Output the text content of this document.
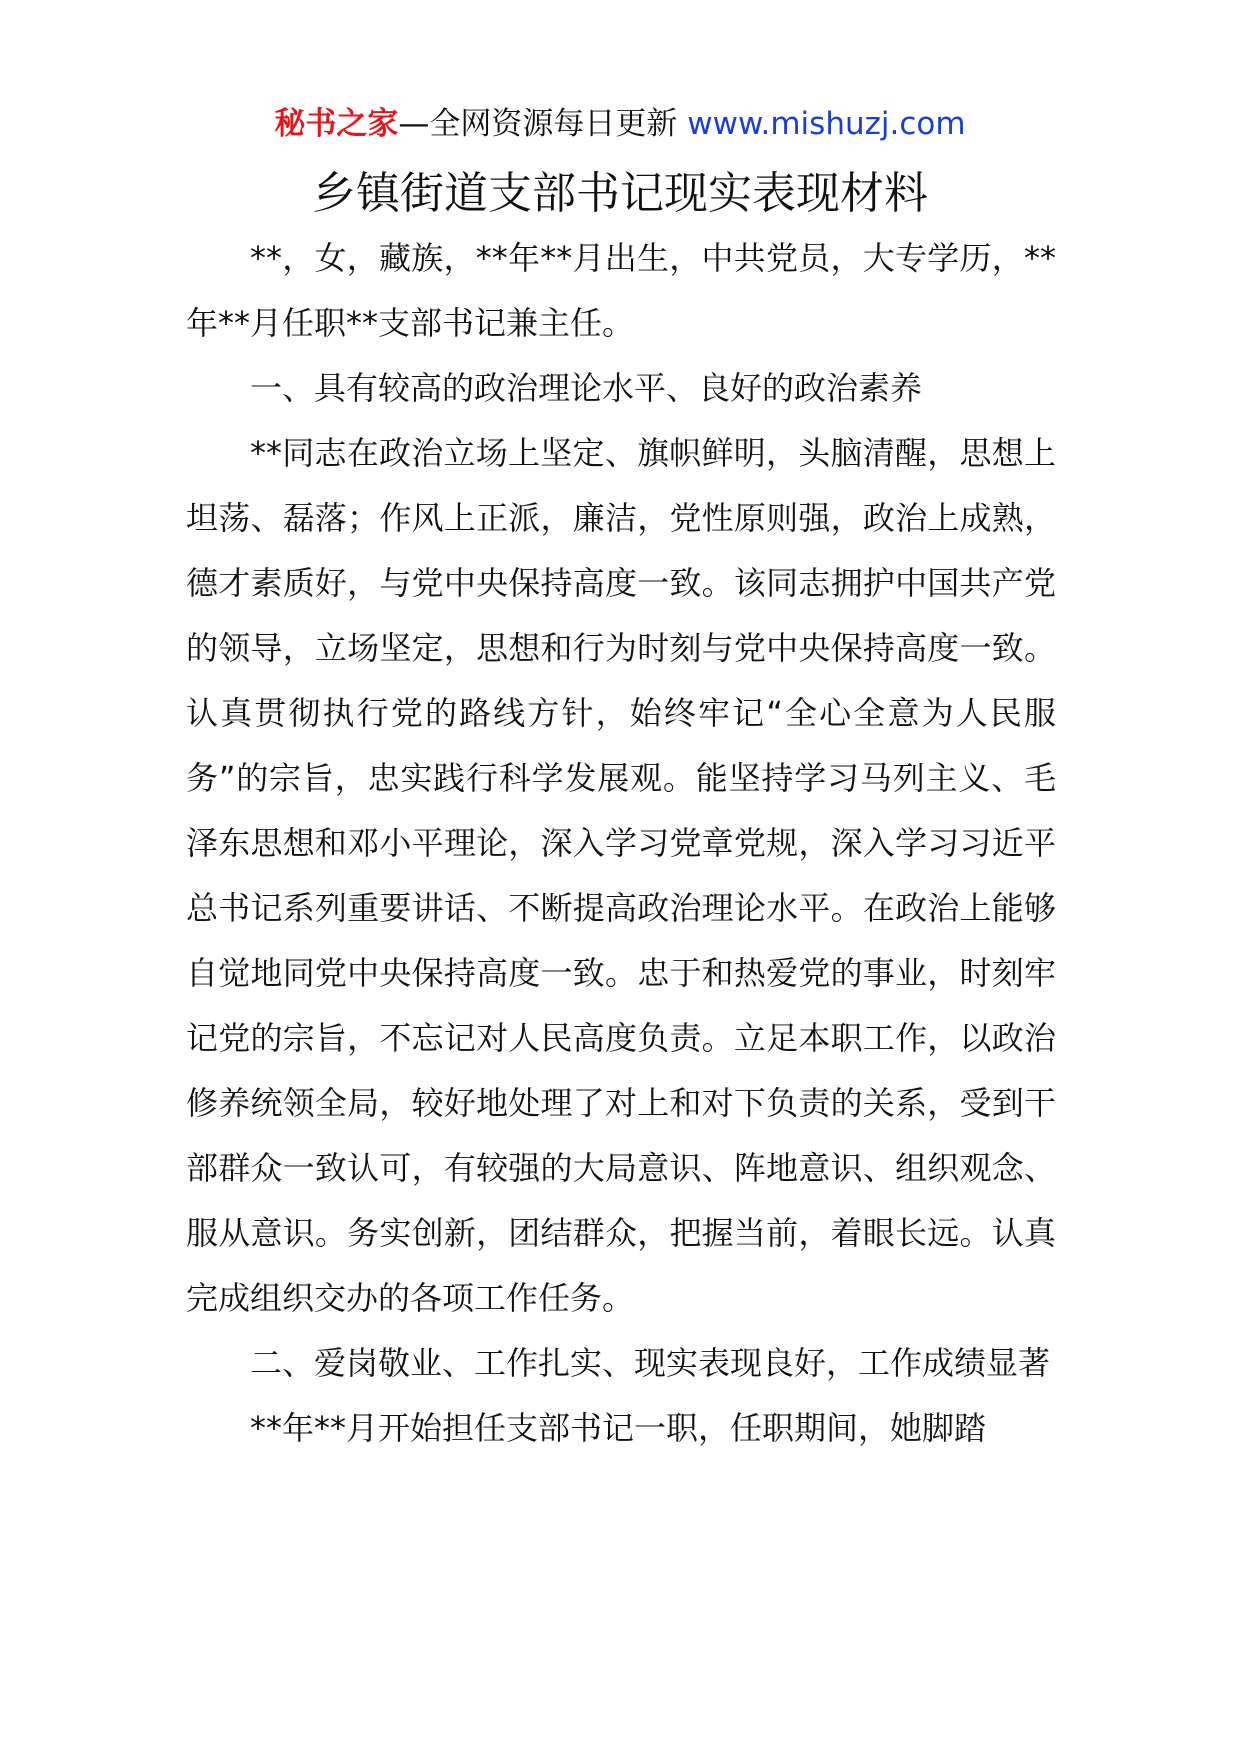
秘书之家—全网资源每日更新 www.mishuzj.com
乡镇街道支部书记现实表现材料

**，女，藏族，**年**月出生，中共党员，大专学历，**年**月任职**支部书记兼主任。

一、具有较高的政治理论水平、良好的政治素养

**同志在政治立场上坚定、旗帜鲜明，头脑清醒，思想上坦荡、磊落；作风上正派，廉洁，党性原则强，政治上成熟，德才素质好，与党中央保持高度一致。该同志拥护中国共产党的领导，立场坚定，思想和行为时刻与党中央保持高度一致。认真贯彻执行党的路线方针，始终牢记“全心全意为人民服务”的宗旨，忠实践行科学发展观。能坚持学习马列主义、毛泽东思想和邓小平理论，深入学习党章党规，深入学习习近平总书记系列重要讲话、不断提高政治理论水平。在政治上能够自觉地同党中央保持高度一致。忠于和热爱党的事业，时刻牢记党的宗旨，不忘记对人民高度负责。立足本职工作，以政治修养统领全局，较好地处理了对上和对下负责的关系，受到干部群众一致认可，有较强的大局意识、阵地意识、组织观念、服从意识。务实创新，团结群众，把握当前，着眼长远。认真完成组织交办的各项工作任务。

二、爱岗敬业、工作扎实、现实表现良好，工作成绩显著

**年**月开始担任支部书记一职，任职期间，她脚踏
